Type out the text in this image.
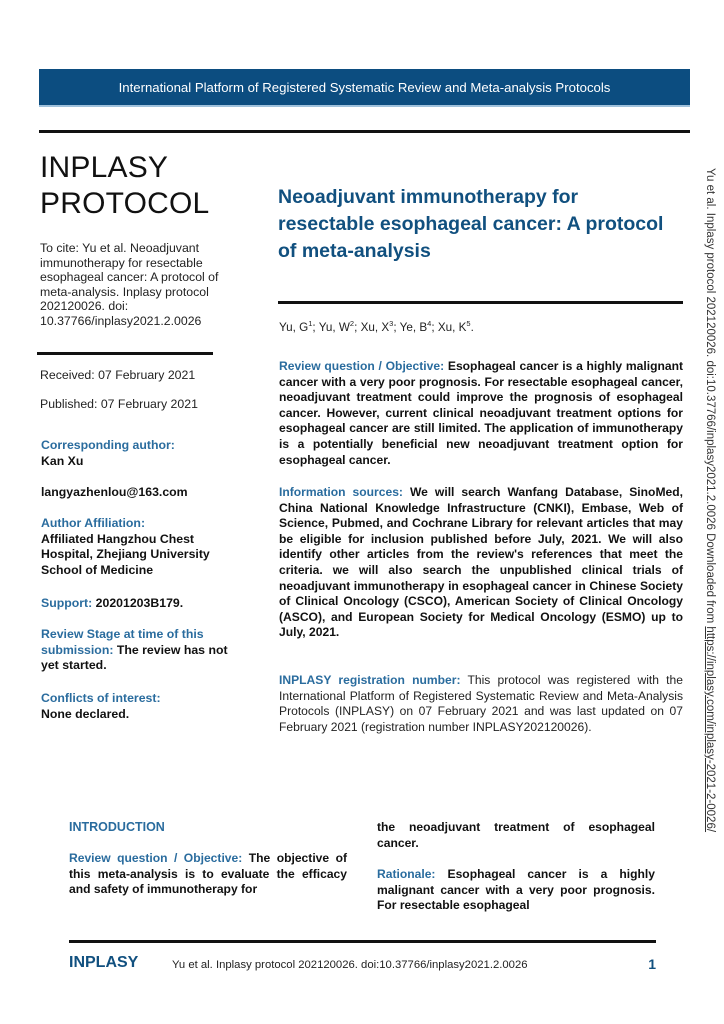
International Platform of Registered Systematic Review and Meta-analysis Protocols
INPLASY
PROTOCOL
To cite: Yu et al. Neoadjuvant immunotherapy for resectable esophageal cancer: A protocol of meta-analysis. Inplasy protocol 202120026. doi: 10.37766/inplasy2021.2.0026
Received: 07 February 2021
Published: 07 February 2021
Corresponding author:
Kan Xu
langyazhenlou@163.com
Author Affiliation:
Affiliated Hangzhou Chest Hospital, Zhejiang University School of Medicine
Support: 20201203B179.
Review Stage at time of this submission: The review has not yet started.
Conflicts of interest:
None declared.
Neoadjuvant immunotherapy for resectable esophageal cancer: A protocol of meta-analysis
Yu, $G^1$; Yu, $W^2$; Xu, $X^3$; Ye, $B^4$; Xu, $K^5$.
Review question / Objective: Esophageal cancer is a highly malignant cancer with a very poor prognosis. For resectable esophageal cancer, neoadjuvant treatment could improve the prognosis of esophageal cancer. However, current clinical neoadjuvant treatment options for esophageal cancer are still limited. The application of immunotherapy is a potentially beneficial new neoadjuvant treatment option for esophageal cancer.
Information sources: We will search Wanfang Database, SinoMed, China National Knowledge Infrastructure (CNKI), Embase, Web of Science, Pubmed, and Cochrane Library for relevant articles that may be eligible for inclusion published before July, 2021. We will also identify other articles from the review's references that meet the criteria. we will also search the unpublished clinical trials of neoadjuvant immunotherapy in esophageal cancer in Chinese Society of Clinical Oncology (CSCO), American Society of Clinical Oncology (ASCO), and European Society for Medical Oncology (ESMO) up to July, 2021.
INPLASY registration number: This protocol was registered with the International Platform of Registered Systematic Review and Meta-Analysis Protocols (INPLASY) on 07 February 2021 and was last updated on 07 February 2021 (registration number INPLASY202120026).
INTRODUCTION
Review question / Objective: The objective of this meta-analysis is to evaluate the efficacy and safety of immunotherapy for
the neoadjuvant treatment of esophageal cancer.
Rationale: Esophageal cancer is a highly malignant cancer with a very poor prognosis. For resectable esophageal
INPLASY	Yu et al. Inplasy protocol 202120026. doi:10.37766/inplasy2021.2.0026	1
Yu et al. Inplasy protocol 202120026. doi:10.37766/inplasy2021.2.0026 Downloaded from https://inplasy.com/inplasy-2021-2-0026/
